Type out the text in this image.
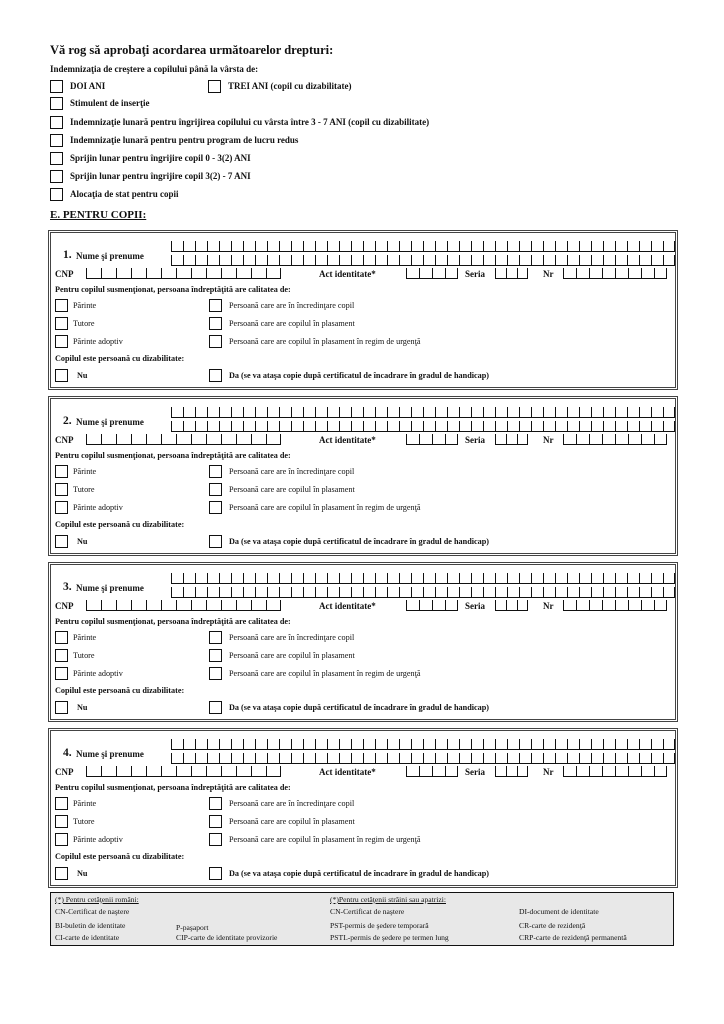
Vă rog să aprobaţi acordarea următoarelor drepturi:
Indemnizaţia de creştere a copilului până la vârsta de:
DOI ANI	TREI ANI (copil cu dizabilitate)
Stimulent de inserţie
Indemnizaţie lunară pentru îngrijirea copilului cu vârsta între 3 - 7 ANI (copil cu dizabilitate)
Indemnizaţie lunară pentru pentru program de lucru redus
Sprijin lunar pentru îngrijire copil 0 - 3(2) ANI
Sprijin lunar pentru îngrijire copil 3(2) - 7 ANI
Alocaţia de stat pentru copii
E. PENTRU COPII:
1. Nume şi prenume
CNP	Act identitate*	Seria	Nr
Pentru copilul susmenţionat, persoana îndreptăţită are calitatea de:
Părinte	Persoană care are în încredinţare copil
Tutore	Persoană care are copilul în plasament
Părinte adoptiv	Persoană care are copilul în plasament în regim de urgenţă
Copilul este persoană cu dizabilitate:
Nu	Da (se va ataşa copie după certificatul de încadrare în gradul de handicap)
2. Nume şi prenume
CNP	Act identitate*	Seria	Nr
Pentru copilul susmenţionat, persoana îndreptăţită are calitatea de:
Părinte	Persoană care are în încredinţare copil
Tutore	Persoană care are copilul în plasament
Părinte adoptiv	Persoană care are copilul în plasament în regim de urgenţă
Copilul este persoană cu dizabilitate:
Nu	Da (se va ataşa copie după certificatul de încadrare în gradul de handicap)
3. Nume şi prenume
CNP	Act identitate*	Seria	Nr
Pentru copilul susmenţionat, persoana îndreptăţită are calitatea de:
Părinte	Persoană care are în încredinţare copil
Tutore	Persoană care are copilul în plasament
Părinte adoptiv	Persoană care are copilul în plasament în regim de urgenţă
Copilul este persoană cu dizabilitate:
Nu	Da (se va ataşa copie după certificatul de încadrare în gradul de handicap)
4. Nume şi prenume
CNP	Act identitate*	Seria	Nr
Pentru copilul susmenţionat, persoana îndreptăţită are calitatea de:
Părinte	Persoană care are în încredinţare copil
Tutore	Persoană care are copilul în plasament
Părinte adoptiv	Persoană care are copilul în plasament în regim de urgenţă
Copilul este persoană cu dizabilitate:
Nu	Da (se va ataşa copie după certificatul de încadrare în gradul de handicap)
(*) Pentru cetăţenii români:
CN-Certificat de naştere
BI-buletin de identitate	P-paşaport
CI-carte de identitate	CIP-carte de identitate provizorie
(*)Pentru cetăţenii străini sau apatrizi:
CN-Certificat de naştere	DI-document de identitate
PST-permis de şedere temporară	CR-carte de rezidenţă
PSTL-permis de şedere pe termen lung	CRP-carte de rezidenţă permanentă
